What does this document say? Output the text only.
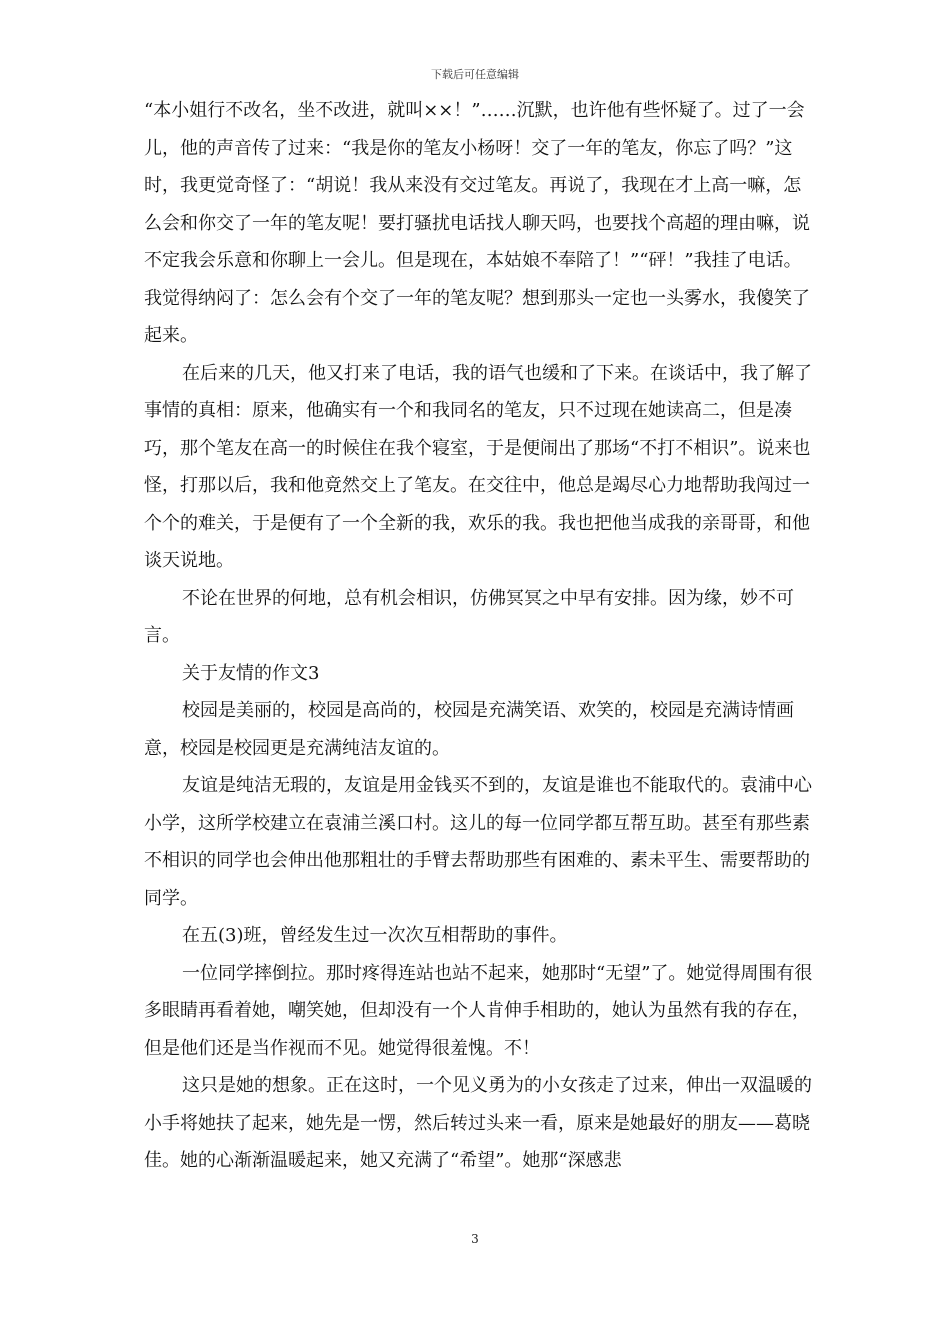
下载后可任意编辑

“本小姐行不改名，坐不改进，就叫××！”……沉默，也许他有些怀疑了。过了一会儿，他的声音传了过来：“我是你的笔友小杨呀！交了一年的笔友，你忘了吗？”这时，我更觉奇怪了：“胡说！我从来没有交过笔友。再说了，我现在才上高一嘛，怎么会和你交了一年的笔友呢！要打骚扰电话找人聊天吗，也要找个高超的理由嘛，说不定我会乐意和你聊上一会儿。但是现在，本姑娘不奉陪了！”“砰！”我挂了电话。我觉得纳闷了：怎么会有个交了一年的笔友呢？想到那头一定也一头雾水，我傻笑了起来。

在后来的几天，他又打来了电话，我的语气也缓和了下来。在谈话中，我了解了事情的真相：原来，他确实有一个和我同名的笔友，只不过现在她读高二，但是凑巧，那个笔友在高一的时候住在我个寝室，于是便闹出了那场“不打不相识”。说来也怪，打那以后，我和他竟然交上了笔友。在交往中，他总是竭尽心力地帮助我闯过一个个的难关，于是便有了一个全新的我，欢乐的我。我也把他当成我的亲哥哥，和他谈天说地。

不论在世界的何地，总有机会相识，仿佛冥冥之中早有安排。因为缘，妙不可言。

关于友情的作文3

校园是美丽的，校园是高尚的，校园是充满笑语、欢笑的，校园是充满诗情画意，校园是校园更是充满纯洁友谊的。

友谊是纯洁无瑕的，友谊是用金钱买不到的，友谊是谁也不能取代的。袁浦中心小学，这所学校建立在袁浦兰溪口村。这儿的每一位同学都互帮互助。甚至有那些素不相识的同学也会伸出他那粗壮的手臂去帮助那些有困难的、素未平生、需要帮助的同学。

在五(3)班，曾经发生过一次次互相帮助的事件。

一位同学摔倒拉。那时疼得连站也站不起来，她那时“无望”了。她觉得周围有很多眼睛再看着她，嘲笑她，但却没有一个人肯伸手相助的，她认为虽然有我的存在，但是他们还是当作视而不见。她觉得很羞愧。不！

这只是她的想象。正在这时，一个见义勇为的小女孩走了过来，伸出一双温暖的小手将她扶了起来，她先是一愣，然后转过头来一看，原来是她最好的朋友——葛晓佳。她的心渐渐温暖起来，她又充满了“希望”。她那“深感悲

3
